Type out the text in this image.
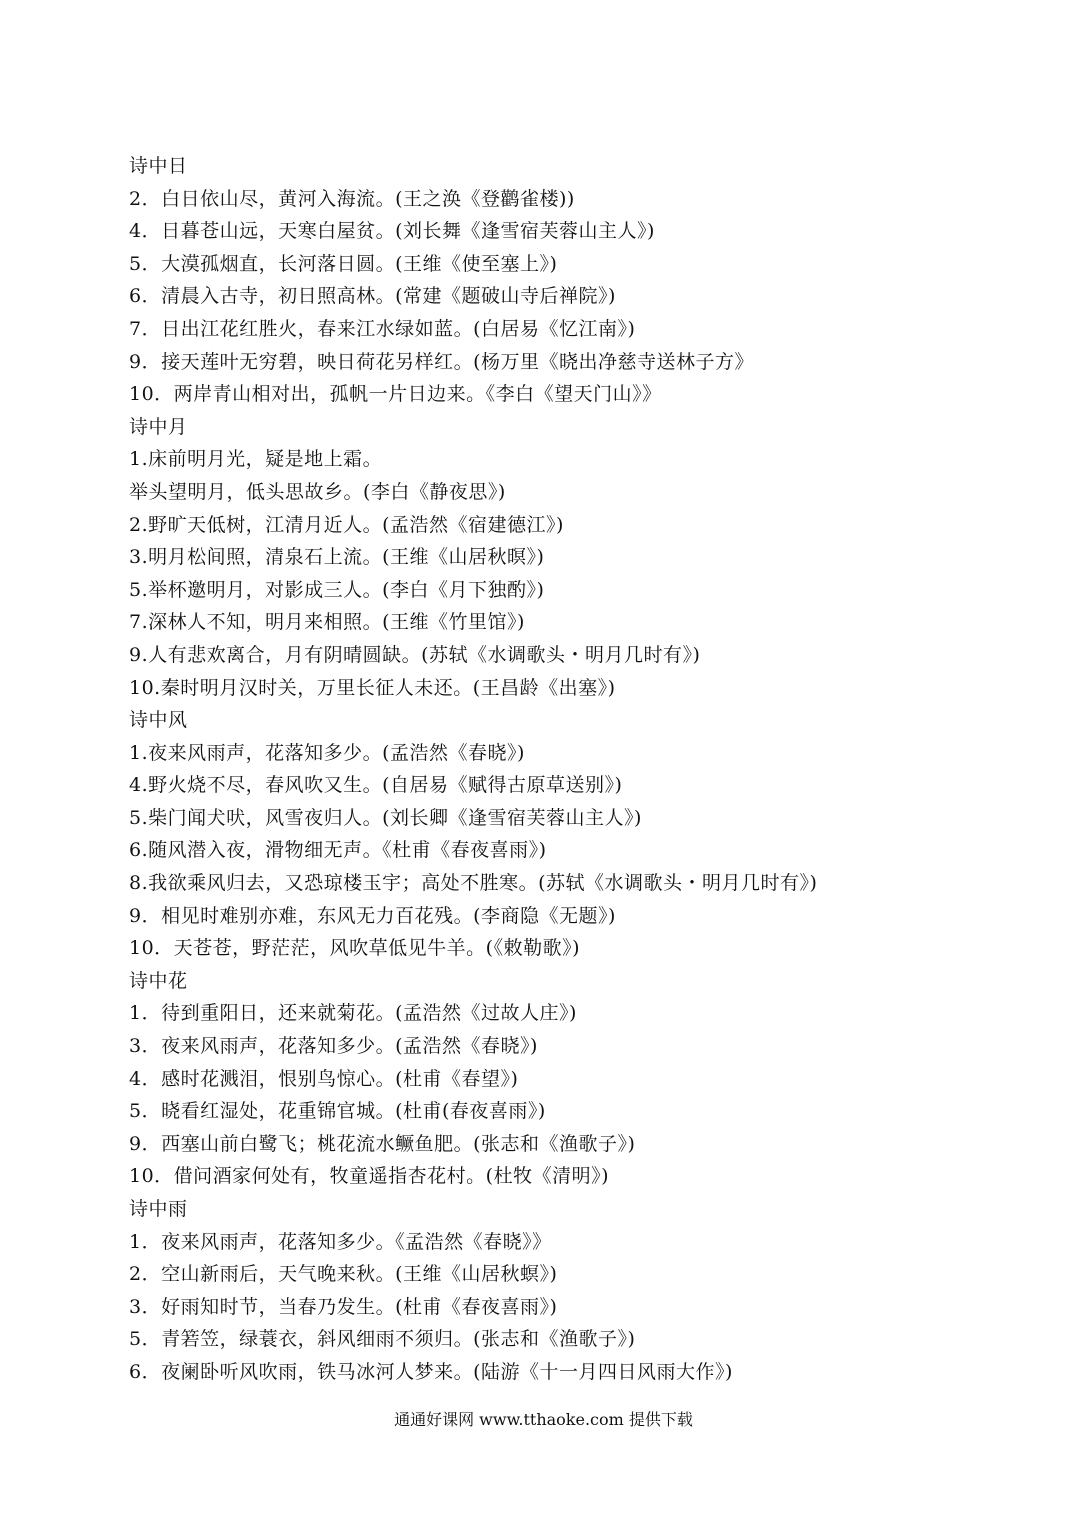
诗中日
2．白日依山尽，黄河入海流。(王之涣《登鹳雀楼))
4．日暮苍山远，天寒白屋贫。(刘长舞《逢雪宿芙蓉山主人》)
5．大漠孤烟直，长河落日圆。(王维《使至塞上》)
6．清晨入古寺，初日照高林。(常建《题破山寺后禅院》)
7．日出江花红胜火，春来江水绿如蓝。(白居易《忆江南》)
9．接天莲叶无穷碧，映日荷花另样红。(杨万里《晓出净慈寺送林子方》
10．两岸青山相对出，孤帆一片日边来。《李白《望天门山》》
诗中月
1.床前明月光，疑是地上霜。
举头望明月，低头思故乡。(李白《静夜思》)
2.野旷天低树，江清月近人。(孟浩然《宿建德江》)
3.明月松间照，清泉石上流。(王维《山居秋暝》)
5.举杯邀明月，对影成三人。(李白《月下独酌》)
7.深林人不知，明月来相照。(王维《竹里馆》)
9.人有悲欢离合，月有阴晴圆缺。(苏轼《水调歌头・明月几时有》)
10.秦时明月汉时关，万里长征人未还。(王昌龄《出塞》)
诗中风
1.夜来风雨声，花落知多少。(孟浩然《春晓》)
4.野火烧不尽，春风吹又生。(自居易《赋得古原草送别》)
5.柴门闻犬吠，风雪夜归人。(刘长卿《逢雪宿芙蓉山主人》)
6.随风潜入夜，滑物细无声。《杜甫《春夜喜雨》)
8.我欲乘风归去，又恐琼楼玉宇；高处不胜寒。(苏轼《水调歌头・明月几时有》)
9．相见时难别亦难，东风无力百花残。(李商隐《无题》)
10．天苍苍，野茫茫，风吹草低见牛羊。(《敕勒歌》)
诗中花
1．待到重阳日，还来就菊花。(孟浩然《过故人庄》)
3．夜来风雨声，花落知多少。(孟浩然《春晓》)
4．感时花溅泪，恨别鸟惊心。(杜甫《春望》)
5．晓看红湿处，花重锦官城。(杜甫(春夜喜雨》)
9．西塞山前白鹭飞；桃花流水鳜鱼肥。(张志和《渔歌子》)
10．借问酒家何处有，牧童遥指杏花村。(杜牧《清明》)
诗中雨
1．夜来风雨声，花落知多少。《孟浩然《春晓》》
2．空山新雨后，天气晚来秋。(王维《山居秋螟》)
3．好雨知时节，当春乃发生。(杜甫《春夜喜雨》)
5．青箬笠，绿蓑衣，斜风细雨不须归。(张志和《渔歌子》)
6．夜阑卧听风吹雨，铁马冰河人梦来。(陆游《十一月四日风雨大作》)
通通好课网 www.tthaoke.com 提供下载
